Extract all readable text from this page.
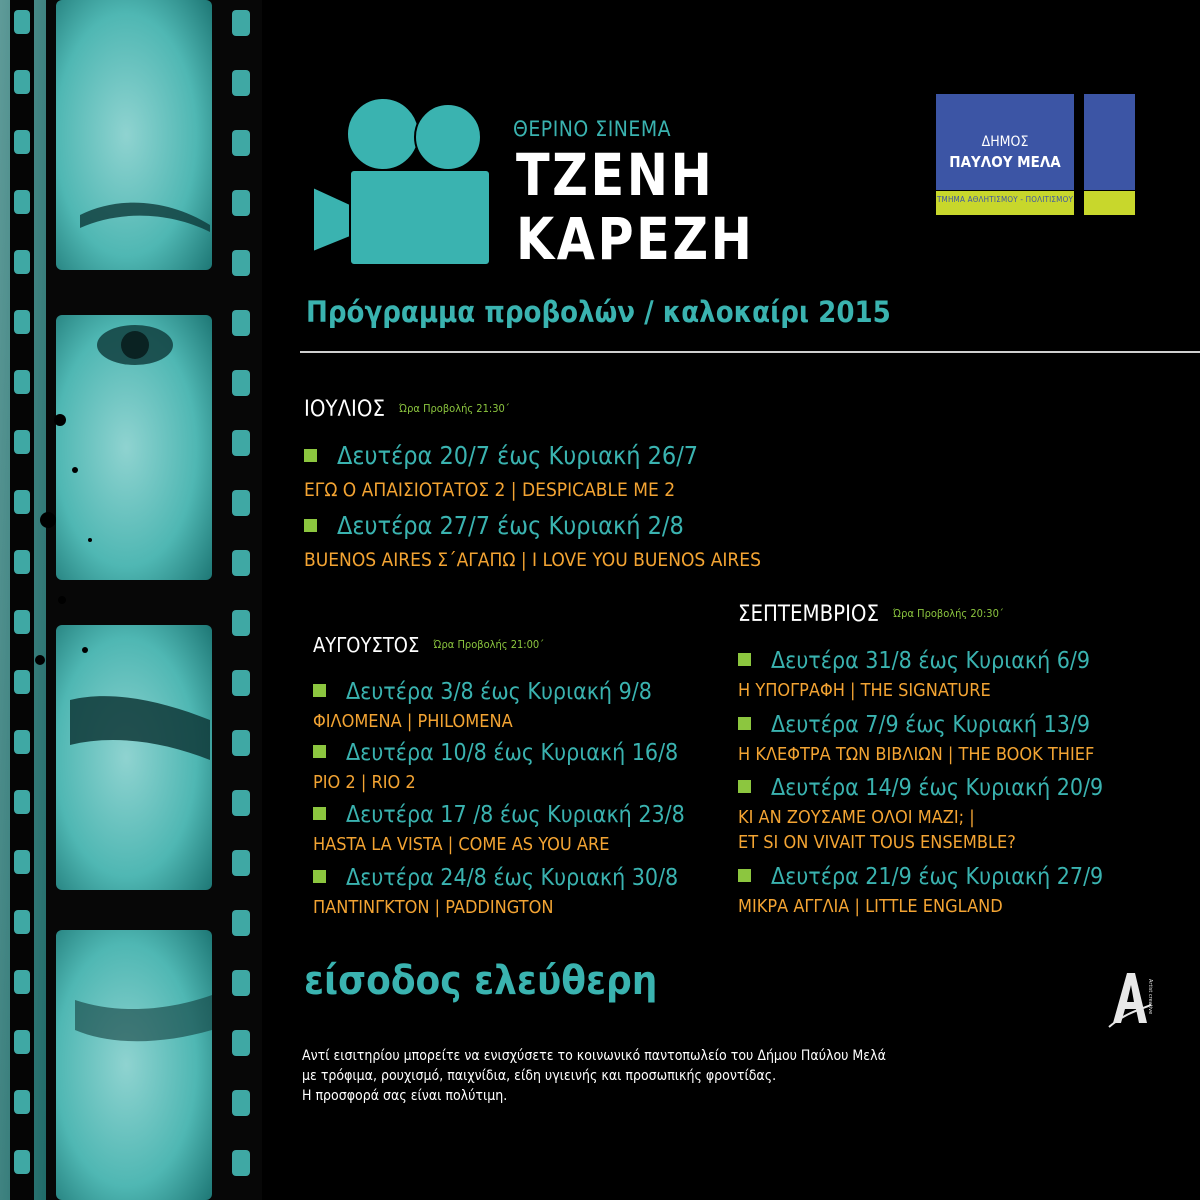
ΘΕΡΙΝΟ ΣΙΝΕΜΑ
ΤΖΕΝΗ
ΚΑΡΕΖΗ
ΔΗΜΟΣ
ΠΑΥΛΟΥ ΜΕΛΑ
ΤΜΗΜΑ ΑΘΛΗΤΙΣΜΟΥ - ΠΟΛΙΤΙΣΜΟΥ
Πρόγραμμα προβολών / καλοκαίρι 2015
ΙΟΥΛΙΟΣ Ώρα Προβολής 21:30΄
Δευτέρα 20/7 έως Κυριακή 26/7
ΕΓΩ Ο ΑΠΑΙΣΙΟΤΑΤΟΣ 2 | DESPICABLE ME 2
Δευτέρα 27/7 έως Κυριακή 2/8
BUENOS AIRES Σ΄ΑΓΑΠΩ | I LOVE YOU BUENOS AIRES
ΑΥΓΟΥΣΤΟΣ $^{Ώ\rho\alpha \Pi\rho o\beta o\lambda ή\varsigma 21:00΄}$
Δευτέρα 3/8 έως Κυριακή 9/8
ΦΙΛΟΜΕΝΑ | PHILOMENA
Δευτέρα 10/8 έως Κυριακή 16/8
ΡΙΟ 2 | RIO 2
Δευτέρα 17 /8 έως Κυριακή 23/8
HASTA LA VISTA | COME AS YOU ARE
Δευτέρα 24/8 έως Κυριακή 30/8
ΠΑΝΤΙΝΓΚΤΟΝ | PADDINGTON
ΣΕΠΤΕΜΒΡΙΟΣ Ώρα Προβολής 20:30΄
Δευτέρα 31/8 έως Κυριακή 6/9
Η ΥΠΟΓΡΑΦΗ | THE SIGNATURE
Δευτέρα 7/9 έως Κυριακή 13/9
Η ΚΛΕΦΤΡΑ ΤΩΝ ΒΙΒΛΙΩΝ | THE BOOK THIEF
Δευτέρα 14/9 έως Κυριακή 20/9
ΚΙ ΑΝ ΖΟΥΣΑΜΕ ΟΛΟΙ ΜΑΖΙ; |
ET SI ON VIVAIT TOUS ENSEMBLE?
Δευτέρα 21/9 έως Κυριακή 27/9
ΜΙΚΡΑ ΑΓΓΛΙΑ | LITTLE ENGLAND
είσοδος ελεύθερη	Artist creative
Αντί εισιτηρίου μπορείτε να ενισχύσετε το κοινωνικό παντοπωλείο του Δήμου Παύλου Μελά
με τρόφιμα, ρουχισμό, παιχνίδια, είδη υγιεινής και προσωπικής φροντίδας.
Η προσφορά σας είναι πολύτιμη.
